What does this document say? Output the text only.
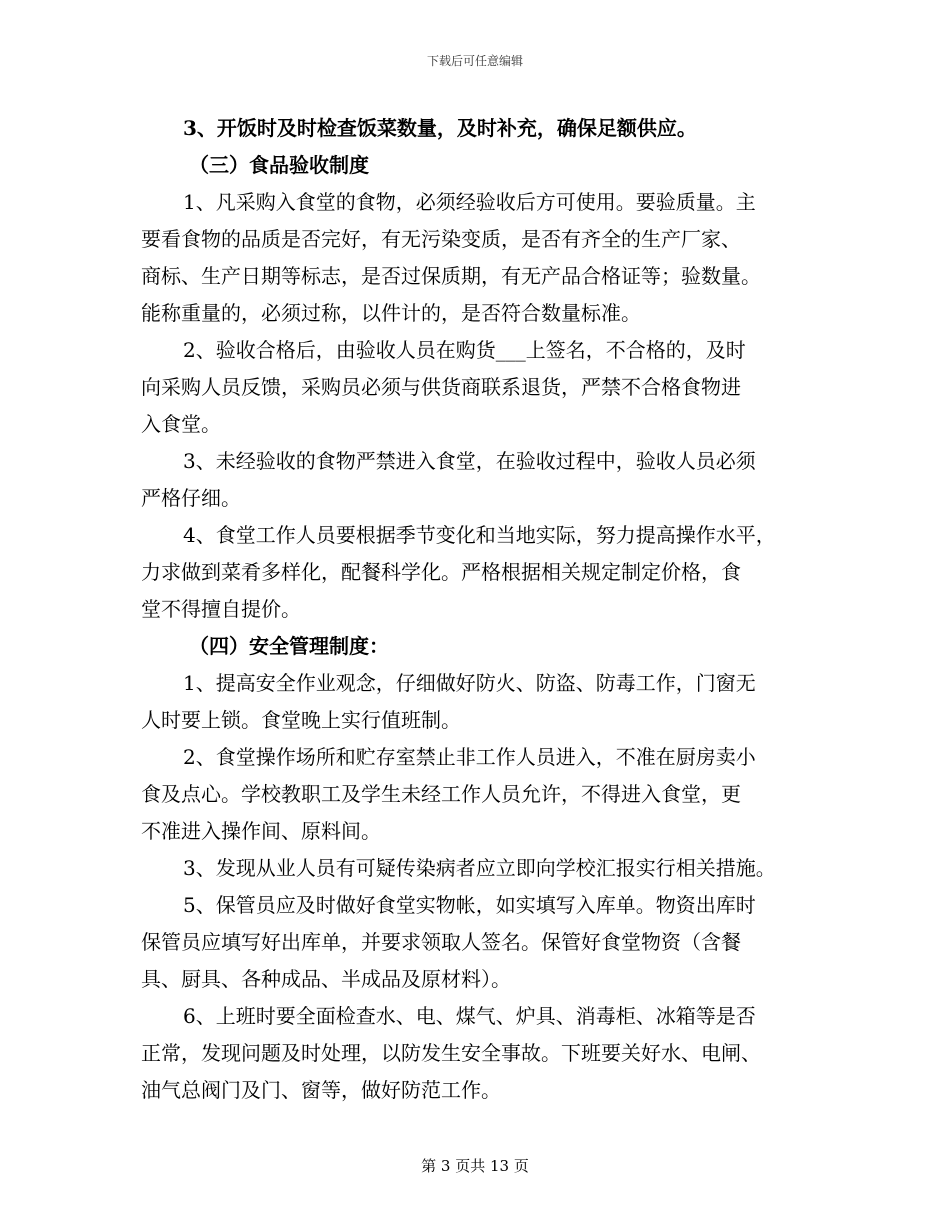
下载后可任意编辑
3、开饭时及时检查饭菜数量，及时补充，确保足额供应。
（三）食品验收制度
1、凡采购入食堂的食物，必须经验收后方可使用。要验质量。主
要看食物的品质是否完好，有无污染变质，是否有齐全的生产厂家、
商标、生产日期等标志，是否过保质期，有无产品合格证等；验数量。
能称重量的，必须过称，以件计的，是否符合数量标准。
2、验收合格后，由验收人员在购货___上签名，不合格的，及时
向采购人员反馈，采购员必须与供货商联系退货，严禁不合格食物进
入食堂。
3、未经验收的食物严禁进入食堂，在验收过程中，验收人员必须
严格仔细。
4、食堂工作人员要根据季节变化和当地实际，努力提高操作水平，
力求做到菜肴多样化，配餐科学化。严格根据相关规定制定价格，食
堂不得擅自提价。
（四）安全管理制度：
1、提高安全作业观念，仔细做好防火、防盗、防毒工作，门窗无
人时要上锁。食堂晚上实行值班制。
2、食堂操作场所和贮存室禁止非工作人员进入，不准在厨房卖小
食及点心。学校教职工及学生未经工作人员允许，不得进入食堂，更
不准进入操作间、原料间。
3、发现从业人员有可疑传染病者应立即向学校汇报实行相关措施。
5、保管员应及时做好食堂实物帐，如实填写入库单。物资出库时
保管员应填写好出库单，并要求领取人签名。保管好食堂物资（含餐
具、厨具、各种成品、半成品及原材料）。
6、上班时要全面检查水、电、煤气、炉具、消毒柜、冰箱等是否
正常，发现问题及时处理，以防发生安全事故。下班要关好水、电闸、
油气总阀门及门、窗等，做好防范工作。
第 3 页共 13 页
